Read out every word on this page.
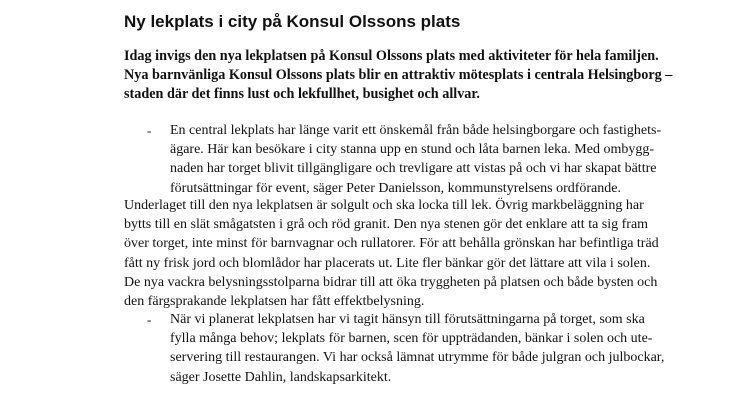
Ny lekplats i city på Konsul Olssons plats
Idag invigs den nya lekplatsen på Konsul Olssons plats med aktiviteter för hela familjen.
Nya barnvänliga Konsul Olssons plats blir en attraktiv mötesplats i centrala Helsingborg –
staden där det finns lust och lekfullhet, busighet och allvar.
- En central lekplats har länge varit ett önskemål från både helsingborgare och fastighets-
ägare. Här kan besökare i city stanna upp en stund och låta barnen leka. Med ombygg-
naden har torget blivit tillgängligare och trevligare att vistas på och vi har skapat bättre
förutsättningar för event, säger Peter Danielsson, kommunstyrelsens ordförande.
Underlaget till den nya lekplatsen är solgult och ska locka till lek. Övrig markbeläggning har
bytts till en slät smågatsten i grå och röd granit. Den nya stenen gör det enklare att ta sig fram
över torget, inte minst för barnvagnar och rullatorer. För att behålla grönskan har befintliga träd
fått ny frisk jord och blomlådor har placerats ut. Lite fler bänkar gör det lättare att vila i solen.
De nya vackra belysningsstolparna bidrar till att öka tryggheten på platsen och både bysten och
den färgsprakande lekplatsen har fått effektbelysning.
- När vi planerat lekplatsen har vi tagit hänsyn till förutsättningarna på torget, som ska
fylla många behov; lekplats för barnen, scen för uppträdanden, bänkar i solen och ute-
servering till restaurangen. Vi har också lämnat utrymme för både julgran och julbockar,
säger Josette Dahlin, landskapsarkitekt.
